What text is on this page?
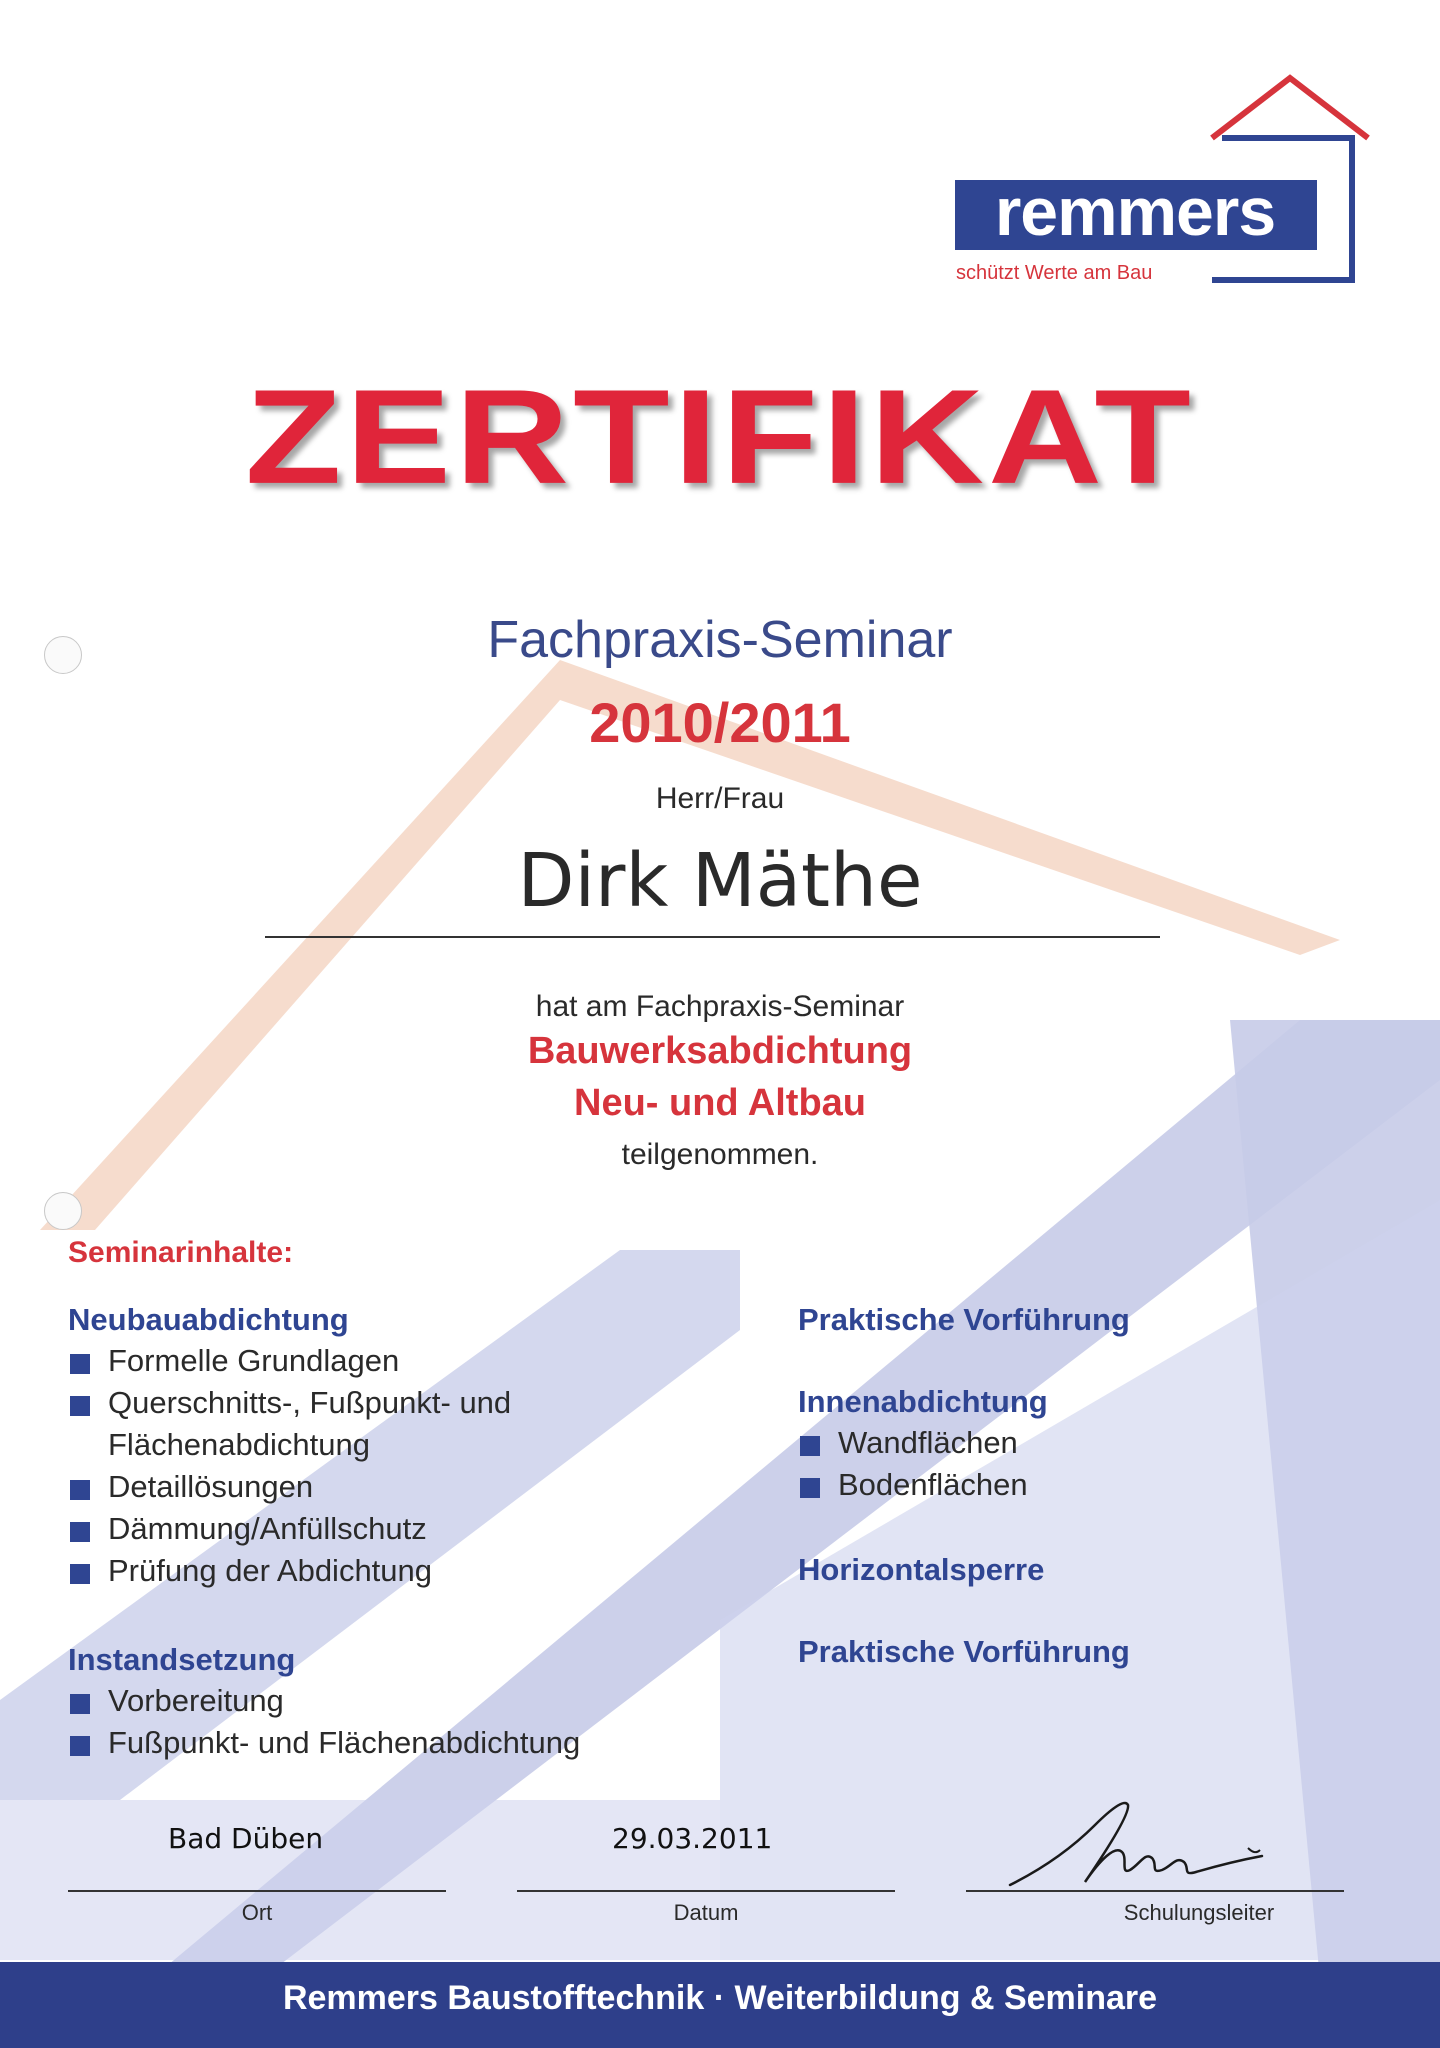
remmers
schützt Werte am Bau
ZERTIFIKAT
Fachpraxis-Seminar
2010/2011
Herr/Frau
Dirk Mäthe
hat am Fachpraxis-Seminar
Bauwerksabdichtung
Neu- und Altbau
teilgenommen.
Seminarinhalte:
Neubauabdichtung
Formelle Grundlagen
Querschnitts-, Fußpunkt- und
Flächenabdichtung
Detaillösungen
Dämmung/Anfüllschutz
Prüfung der Abdichtung
Instandsetzung
Vorbereitung
Fußpunkt- und Flächenabdichtung
Praktische Vorführung
Innenabdichtung
Wandflächen
Bodenflächen
Horizontalsperre
Praktische Vorführung
Bad Düben	29.03.2011
Ort	Datum	Schulungsleiter
Remmers Baustofftechnik · Weiterbildung & Seminare
